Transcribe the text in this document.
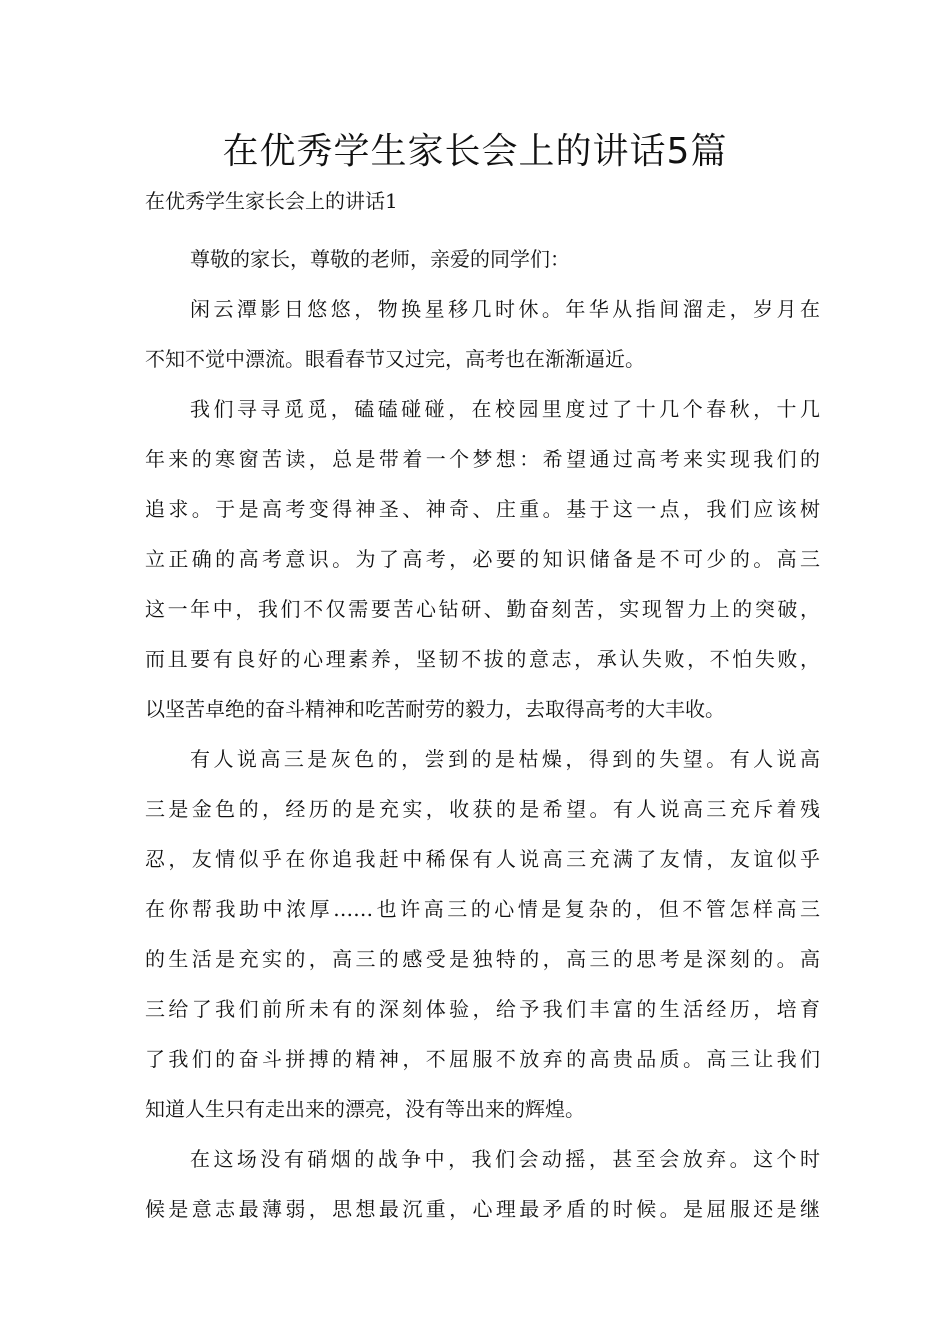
在优秀学生家长会上的讲话5篇
在优秀学生家长会上的讲话1
尊敬的家长，尊敬的老师，亲爱的同学们：
闲云潭影日悠悠，物换星移几时休。年华从指间溜走，岁月在
不知不觉中漂流。眼看春节又过完，高考也在渐渐逼近。
我们寻寻觅觅，磕磕碰碰，在校园里度过了十几个春秋，十几
年来的寒窗苦读，总是带着一个梦想：希望通过高考来实现我们的
追求。于是高考变得神圣、神奇、庄重。基于这一点，我们应该树
立正确的高考意识。为了高考，必要的知识储备是不可少的。高三
这一年中，我们不仅需要苦心钻研、勤奋刻苦，实现智力上的突破，
而且要有良好的心理素养，坚韧不拔的意志，承认失败，不怕失败，
以坚苦卓绝的奋斗精神和吃苦耐劳的毅力，去取得高考的大丰收。
有人说高三是灰色的，尝到的是枯燥，得到的失望。有人说高
三是金色的，经历的是充实，收获的是希望。有人说高三充斥着残
忍，友情似乎在你追我赶中稀保有人说高三充满了友情，友谊似乎
在你帮我助中浓厚……也许高三的心情是复杂的，但不管怎样高三
的生活是充实的，高三的感受是独特的，高三的思考是深刻的。高
三给了我们前所未有的深刻体验，给予我们丰富的生活经历，培育
了我们的奋斗拼搏的精神，不屈服不放弃的高贵品质。高三让我们
知道人生只有走出来的漂亮，没有等出来的辉煌。
在这场没有硝烟的战争中，我们会动摇，甚至会放弃。这个时
候是意志最薄弱，思想最沉重，心理最矛盾的时候。是屈服还是继
